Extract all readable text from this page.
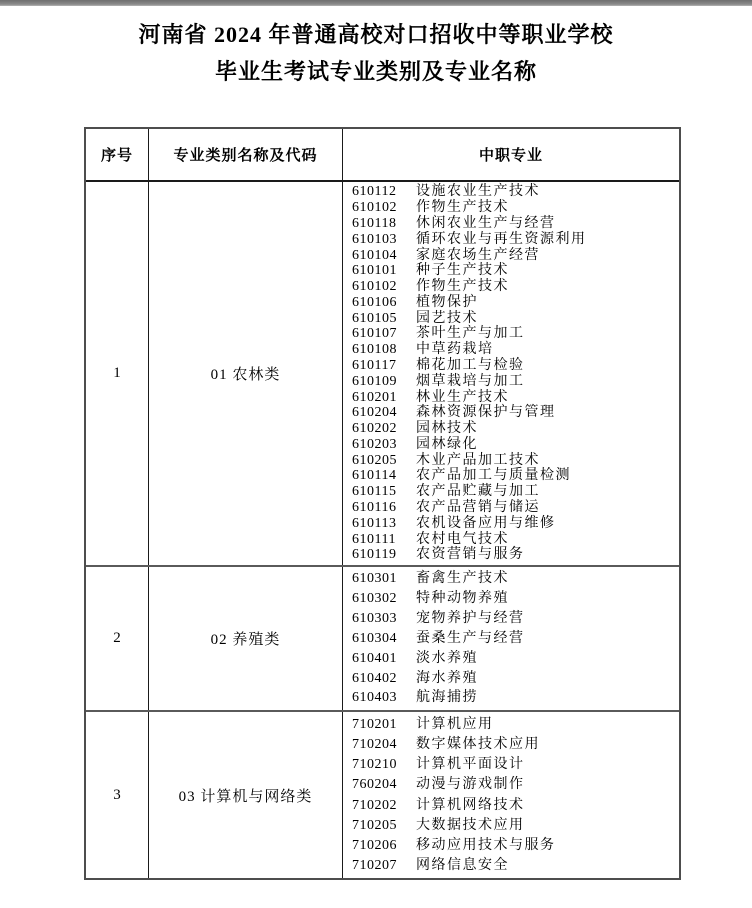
河南省 2024 年普通高校对口招收中等职业学校
毕业生考试专业类别及专业名称
序号	专业类别名称及代码	中职专业
1	01 农林类
610112 设施农业生产技术
610102 作物生产技术
610118 休闲农业生产与经营
610103 循环农业与再生资源利用
610104 家庭农场生产经营
610101 种子生产技术
610102 作物生产技术
610106 植物保护
610105 园艺技术
610107 茶叶生产与加工
610108 中草药栽培
610117 棉花加工与检验
610109 烟草栽培与加工
610201 林业生产技术
610204 森林资源保护与管理
610202 园林技术
610203 园林绿化
610205 木业产品加工技术
610114 农产品加工与质量检测
610115 农产品贮藏与加工
610116 农产品营销与储运
610113 农机设备应用与维修
610111 农村电气技术
610119 农资营销与服务
2	02 养殖类
610301 畜禽生产技术
610302 特种动物养殖
610303 宠物养护与经营
610304 蚕桑生产与经营
610401 淡水养殖
610402 海水养殖
610403 航海捕捞
3	03 计算机与网络类
710201 计算机应用
710204 数字媒体技术应用
710210 计算机平面设计
760204 动漫与游戏制作
710202 计算机网络技术
710205 大数据技术应用
710206 移动应用技术与服务
710207 网络信息安全
